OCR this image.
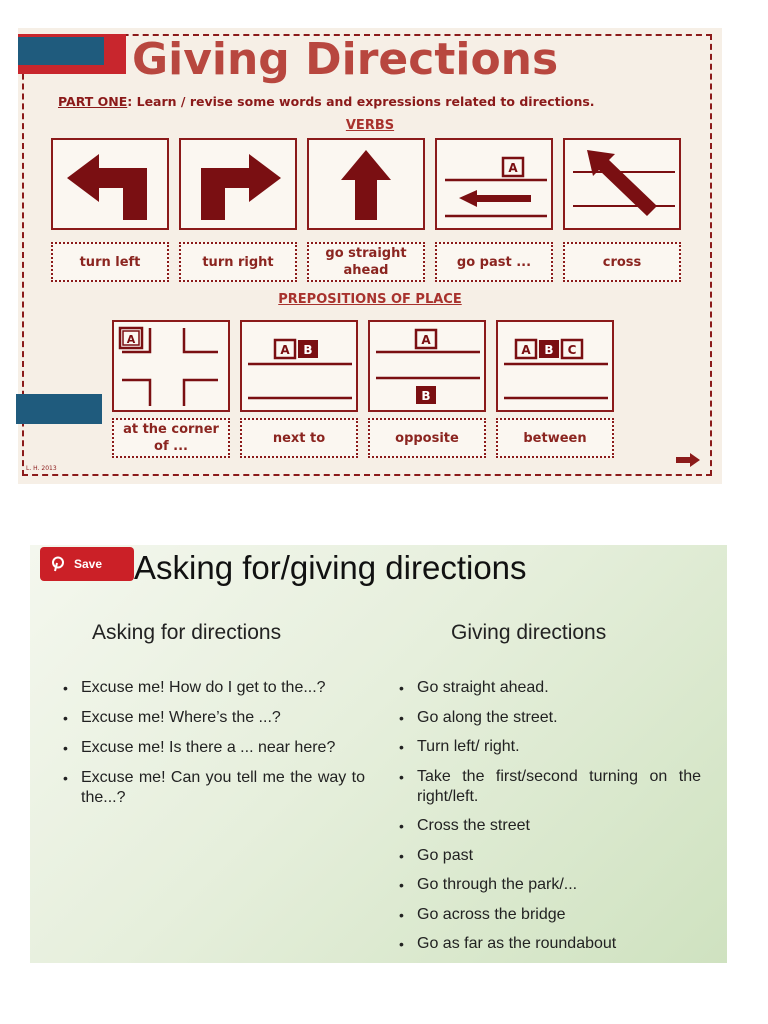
Giving Directions
PART ONE: Learn / revise some words and expressions related to directions.
VERBS
A
turn left	turn right
go straight ahead
go past ...	cross
PREPOSITIONS OF PLACE
A
A B
A
B
A B C
at the corner of ...
next to	opposite	between
L. H. 2013
Save Asking for/giving directions
Asking for directions	Giving directions
• Excuse me! How do I get to the...?
• Excuse me! Where’s the ...?
• Excuse me! Is there a ... near here?
• Excuse me! Can you tell me the way to the...?
• Go straight ahead.
• Go along the street.
• Turn left/ right.
• Take the first/second turning on the right/left.
• Cross the street
• Go past
• Go through the park/...
• Go across the bridge
• Go as far as the roundabout
